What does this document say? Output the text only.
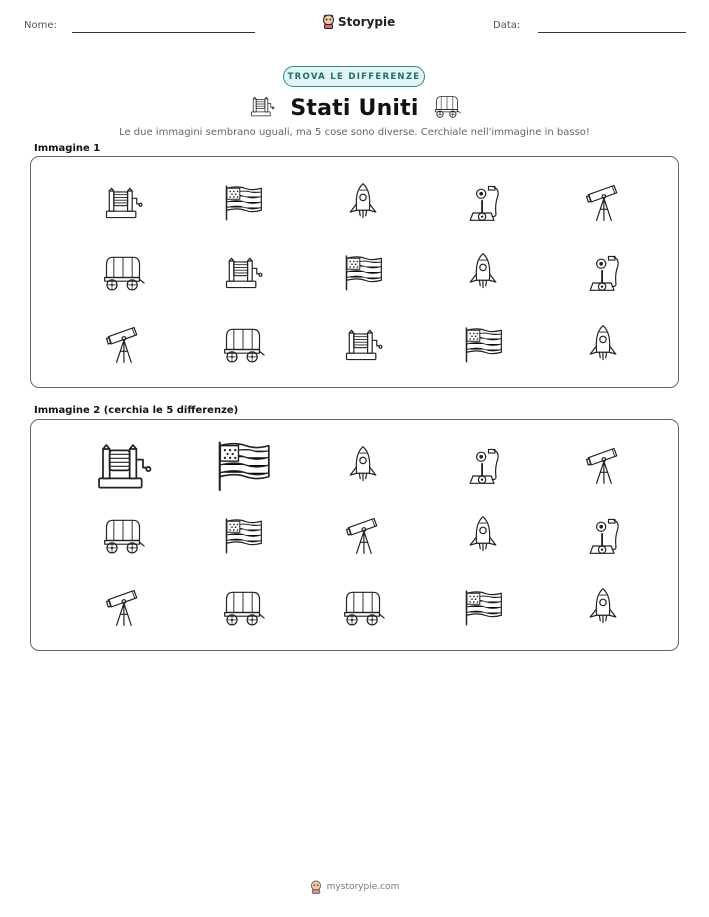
Nome:	Storypie	Data:
TROVA LE DIFFERENZE
Stati Uniti
Le due immagini sembrano uguali, ma 5 cose sono diverse. Cerchiale nell'immagine in basso!
Immagine 1
Immagine 2 (cerchia le 5 differenze)
mystorypie.com
